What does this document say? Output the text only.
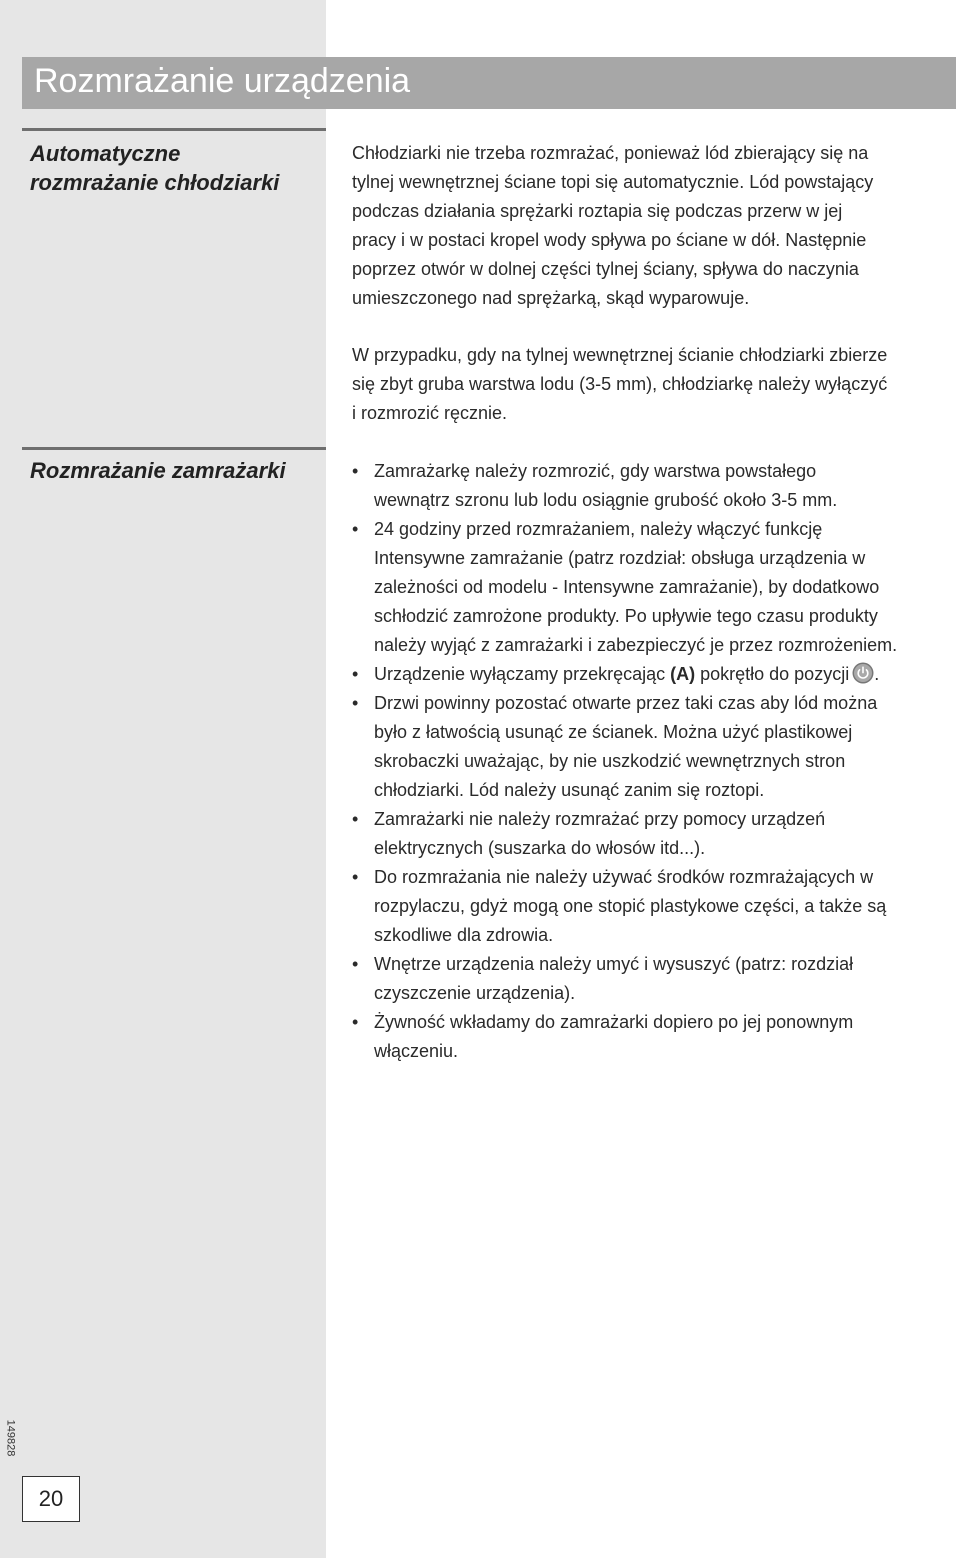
Rozmrażanie urządzenia
Automatyczne
rozmrażanie chłodziarki
Chłodziarki nie trzeba rozmrażać, ponieważ lód zbierający się na
tylnej wewnętrznej ściane topi się automatycznie. Lód powstający
podczas działania sprężarki roztapia się podczas przerw w jej
pracy i w postaci kropel wody spływa po ściane w dół. Następnie
poprzez otwór w dolnej części tylnej ściany, spływa do naczynia
umieszczonego nad sprężarką, skąd wyparowuje.
W przypadku, gdy na tylnej wewnętrznej ścianie chłodziarki zbierze
się zbyt gruba warstwa lodu (3-5 mm), chłodziarkę należy wyłączyć
i rozmrozić ręcznie.
Rozmrażanie zamrażarki	• Zamrażarkę należy rozmrozić, gdy warstwa powstałego
wewnątrz szronu lub lodu osiągnie grubość około 3-5 mm.
• 24 godziny przed rozmrażaniem, należy włączyć funkcję
Intensywne zamrażanie (patrz rozdział: obsługa urządzenia w
zależności od modelu - Intensywne zamrażanie), by dodatkowo
schłodzić zamrożone produkty. Po upływie tego czasu produkty
należy wyjąć z zamrażarki i zabezpieczyć je przez rozmrożeniem.
• Urządzenie wyłączamy przekręcając (A) pokrętło do pozycji .
• Drzwi powinny pozostać otwarte przez taki czas aby lód można
było z łatwością usunąć ze ścianek. Można użyć plastikowej
skrobaczki uważając, by nie uszkodzić wewnętrznych stron
chłodziarki. Lód należy usunąć zanim się roztopi.
• Zamrażarki nie należy rozmrażać przy pomocy urządzeń
elektrycznych (suszarka do włosów itd...).
• Do rozmrażania nie należy używać środków rozmrażających w
rozpylaczu, gdyż mogą one stopić plastykowe części, a także są
szkodliwe dla zdrowia.
• Wnętrze urządzenia należy umyć i wysuszyć (patrz: rozdział
czyszczenie urządzenia).
• Żywność wkładamy do zamrażarki dopiero po jej ponownym
włączeniu.
149828
20
